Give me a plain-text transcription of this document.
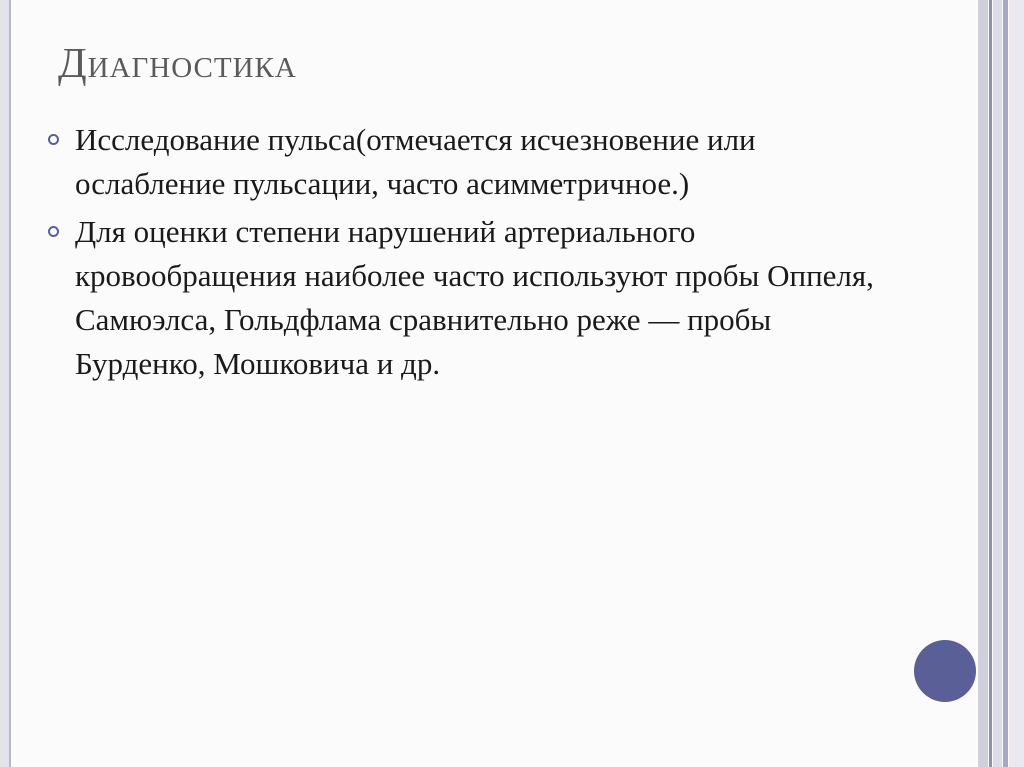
Диагностика
Исследование пульса(отмечается исчезновение или ослабление пульсации, часто асимметричное.)
Для оценки степени нарушений артериального кровообращения наиболее часто используют пробы Оппеля, Самюэлса, Гольдфлама сравнительно реже — пробы Бурденко, Мошковича и др.
